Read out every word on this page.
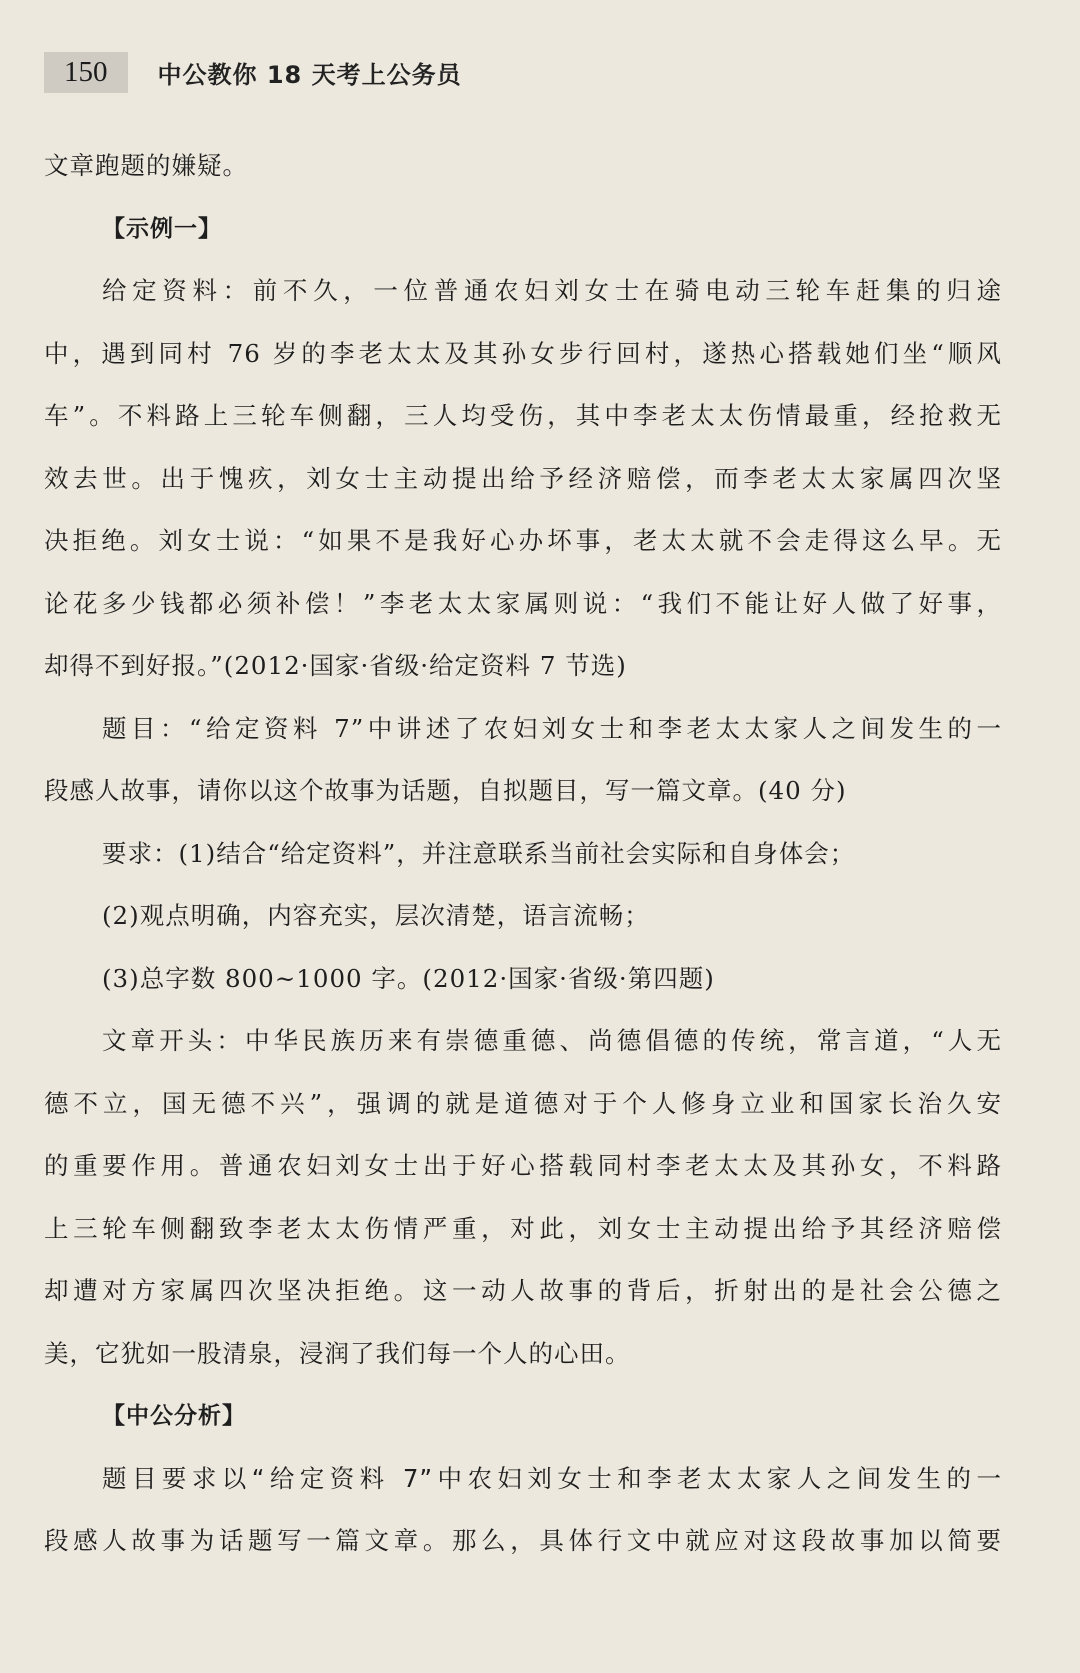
150	中公教你 18 天考上公务员
文章跑题的嫌疑。
【示例一】
给定资料：前不久，一位普通农妇刘女士在骑电动三轮车赶集的归途
中，遇到同村 76 岁的李老太太及其孙女步行回村，遂热心搭载她们坐“顺风
车”。不料路上三轮车侧翻，三人均受伤，其中李老太太伤情最重，经抢救无
效去世。出于愧疚，刘女士主动提出给予经济赔偿，而李老太太家属四次坚
决拒绝。刘女士说：“如果不是我好心办坏事，老太太就不会走得这么早。无
论花多少钱都必须补偿！”李老太太家属则说：“我们不能让好人做了好事，
却得不到好报。”(2012·国家·省级·给定资料 7 节选)
题目：“给定资料 7”中讲述了农妇刘女士和李老太太家人之间发生的一
段感人故事，请你以这个故事为话题，自拟题目，写一篇文章。(40 分)
要求：(1)结合“给定资料”，并注意联系当前社会实际和自身体会；
(2)观点明确，内容充实，层次清楚，语言流畅；
(3)总字数 800~1000 字。(2012·国家·省级·第四题)
文章开头：中华民族历来有崇德重德、尚德倡德的传统，常言道，“人无
德不立，国无德不兴”，强调的就是道德对于个人修身立业和国家长治久安
的重要作用。普通农妇刘女士出于好心搭载同村李老太太及其孙女，不料路
上三轮车侧翻致李老太太伤情严重，对此，刘女士主动提出给予其经济赔偿
却遭对方家属四次坚决拒绝。这一动人故事的背后，折射出的是社会公德之
美，它犹如一股清泉，浸润了我们每一个人的心田。
【中公分析】
题目要求以“给定资料 7”中农妇刘女士和李老太太家人之间发生的一
段感人故事为话题写一篇文章。那么，具体行文中就应对这段故事加以简要
